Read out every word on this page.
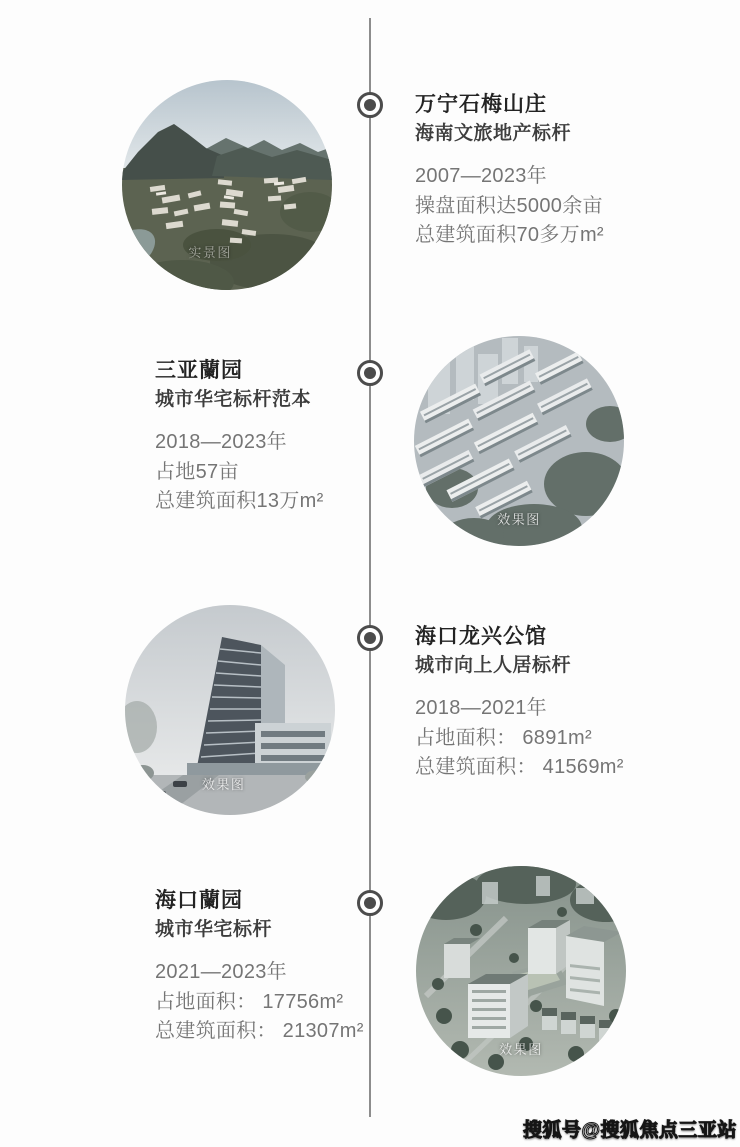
实景图
万宁石梅山庄
海南文旅地产标杆
2007—2023年
操盘面积达5000余亩
总建筑面积70多万m²
三亚蘭园
城市华宅标杆范本
2018—2023年
占地57亩
总建筑面积13万m²
效果图
效果图
海口龙兴公馆
城市向上人居标杆
2018—2021年
占地面积： 6891m²
总建筑面积： 41569m²
海口蘭园
城市华宅标杆
2021—2023年
占地面积： 17756m²
总建筑面积： 21307m²
效果图
搜狐号@搜狐焦点三亚站
